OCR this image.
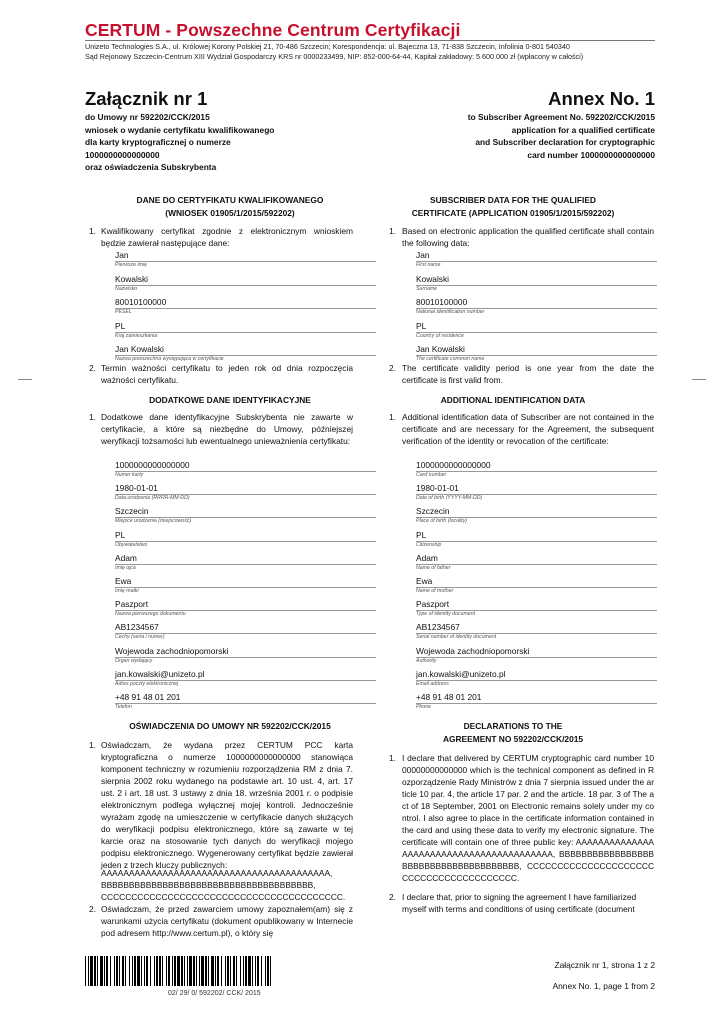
CERTUM - Powszechne Centrum Certyfikacji
Unizeto Technologies S.A., ul. Królowej Korony Polskiej 21, 70-486 Szczecin; Korespondencja: ul. Bajeczna 13, 71-838 Szczecin, Infolinia 0-801 540340
Sąd Rejonowy Szczecin-Centrum XIII Wydział Gospodarczy KRS nr 0000233499, NIP: 852-000-64-44, Kapitał zakładowy: 5 600 000 zł (wpłacony w całości)
Załącznik nr 1	Annex No. 1
do Umowy nr 592202/CCK/2015
wniosek o wydanie certyfikatu kwalifikowanego
dla karty kryptograficznej o numerze
1000000000000000
oraz oświadczenia Subskrybenta
to Subscriber Agreement No. 592202/CCK/2015
application for a qualified certificate
and Subscriber declaration for cryptographic
card number 1000000000000000
DANE DO CERTYFIKATU KWALIFIKOWANEGO
(WNIOSEK 01905/1/2015/592202)
1. Kwalifikowany certyfikat zgodnie z elektronicznym wnioskiem będzie zawierał następujące dane:
Jan
Pierwsze imię
Kowalski
Nazwisko
80010100000
PESEL
PL
Kraj zamieszkania
Jan Kowalski
Nazwa powszechna występująca w certyfikacie
2. Termin ważności certyfikatu to jeden rok od dnia rozpoczęcia ważności certyfikatu.
DODATKOWE DANE IDENTYFIKACYJNE
1. Dodatkowe dane identyfikacyjne Subskrybenta nie zawarte w certyfikacie, a które są niezbędne do Umowy, późniejszej weryfikacji tożsamości lub ewentualnego unieważnienia certyfikatu:
1000000000000000
Numer karty
1980-01-01
Data urodzenia (RRRR-MM-DD)
Szczecin
Miejsce urodzenia (miejscowość)
PL
Obywatelstwo
Adam
Imię ojca
Ewa
Imię matki
Paszport
Nazwa pierwszego dokumentu
AB1234567
Cechy (seria i numer)
Wojewoda zachodniopomorski
Organ wydający
jan.kowalski@unizeto.pl
Adres poczty elektronicznej
+48 91 48 01 201
Telefon
OŚWIADCZENIA DO UMOWY NR 592202/CCK/2015
1. Oświadczam, że wydana przez CERTUM PCC karta kryptograficzna o numerze 1000000000000000 stanowiąca komponent techniczny w rozumieniu rozporządzenia RM z dnia 7. sierpnia 2002 roku wydanego na podstawie art. 10 ust. 4, art. 17 ust. 2 i art. 18 ust. 3 ustawy z dnia 18. września 2001 r. o podpisie elektronicznym podlega wyłącznej mojej kontroli. Jednocześnie wyrażam zgodę na umieszczenie w certyfikacie danych służących do weryfikacji podpisu elektronicznego, które są zawarte w tej karcie oraz na stosowanie tych danych do weryfikacji mojego podpisu elektronicznego. Wygenerowany certyfikat będzie zawierał jeden z trzech kluczy publicznych:
AAAAAAAAAAAAAAAAAAAAAAAAAAAAAAAAAAAAAAAAA,
BBBBBBBBBBBBBBBBBBBBBBBBBBBBBBBBBBBBBB,
CCCCCCCCCCCCCCCCCCCCCCCCCCCCCCCCCCCCCCCC.
2. Oświadczam, że przed zawarciem umowy zapoznałem(am) się z warunkami użycia certyfikatu (dokument opublikowany w Internecie pod adresem http://www.certum.pl), o który się
SUBSCRIBER DATA FOR THE QUALIFIED
CERTIFICATE (APPLICATION 01905/1/2015/592202)
1. Based on electronic application the qualified certificate shall contain the following data:
Jan
First name
Kowalski
Surname
80010100000
National identification number
PL
Country of residence
Jan Kowalski
The certificate common name
2. The certificate validity period is one year from the date the certificate is first valid from.
ADDITIONAL IDENTIFICATION DATA
1. Additional identification data of Subscriber are not contained in the certificate and are necessary for the Agreement, the subsequent verification of the identity or revocation of the certificate:
1000000000000000
Card number
1980-01-01
Date of birth (YYYY-MM-DD)
Szczecin
Place of birth (locality)
PL
Citizenship
Adam
Name of father
Ewa
Name of mother
Paszport
Type of identity document
AB1234567
Serial number of identity document
Wojewoda zachodniopomorski
Authority
jan.kowalski@unizeto.pl
Email address
+48 91 48 01 201
Phone
DECLARATIONS TO THE
AGREEMENT NO 592202/CCK/2015
1. I declare that delivered by CERTUM cryptographic card number 1000000000000000 which is the technical component as defined in Rozporządzenie Rady Ministrów z dnia 7 sierpnia issued under the article 10 par. 4, the article 17 par. 2 and the article. 18 par. 3 of The act of 18 September, 2001 on Electronic remains solely under my control. I also agree to place in the certificate information contained in the card and using these data to verify my electronic signature. The certificate will contain one of three public key: AAAAAAAAAAAAAAAAAAAAAAAAAAAAAAAAAAAAAAAAA, BBBBBBBBBBBBBBBBBBBBBBBBBBBBBBBBBBBBBB, CCCCCCCCCCCCCCCCCCCCCCCCCCCCCCCCCCCCCCCC.
2. I declare that, prior to signing the agreement I have familiarized myself with terms and conditions of using certificate (document
02/ 29/ 0/ 592202/ CCK/ 2015
Załącznik nr 1, strona 1 z 2
Annex No. 1, page 1 from 2
